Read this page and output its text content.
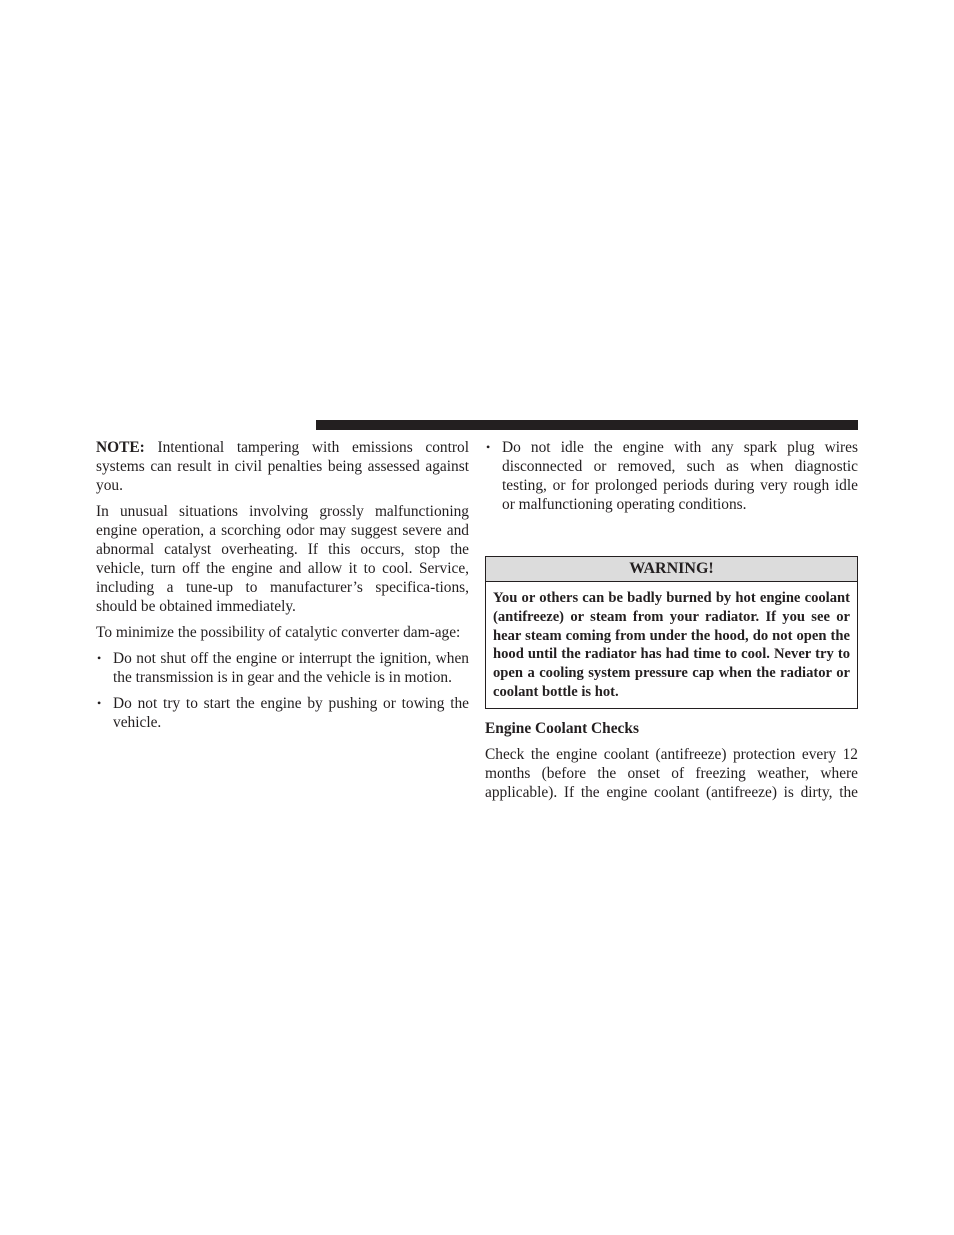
NOTE: Intentional tampering with emissions control systems can result in civil penalties being assessed against you.

In unusual situations involving grossly malfunctioning engine operation, a scorching odor may suggest severe and abnormal catalyst overheating. If this occurs, stop the vehicle, turn off the engine and allow it to cool. Service, including a tune-up to manufacturer’s specifica-tions, should be obtained immediately.

To minimize the possibility of catalytic converter dam-age:

• Do not shut off the engine or interrupt the ignition, when the transmission is in gear and the vehicle is in motion.
• Do not try to start the engine by pushing or towing the vehicle.
• Do not idle the engine with any spark plug wires disconnected or removed, such as when diagnostic testing, or for prolonged periods during very rough idle or malfunctioning operating conditions.
WARNING!
You or others can be badly burned by hot engine coolant (antifreeze) or steam from your radiator. If you see or hear steam coming from under the hood, do not open the hood until the radiator has had time to cool. Never try to open a cooling system pressure cap when the radiator or coolant bottle is hot.
Engine Coolant Checks

Check the engine coolant (antifreeze) protection every 12 months (before the onset of freezing weather, where applicable). If the engine coolant (antifreeze) is dirty, the
